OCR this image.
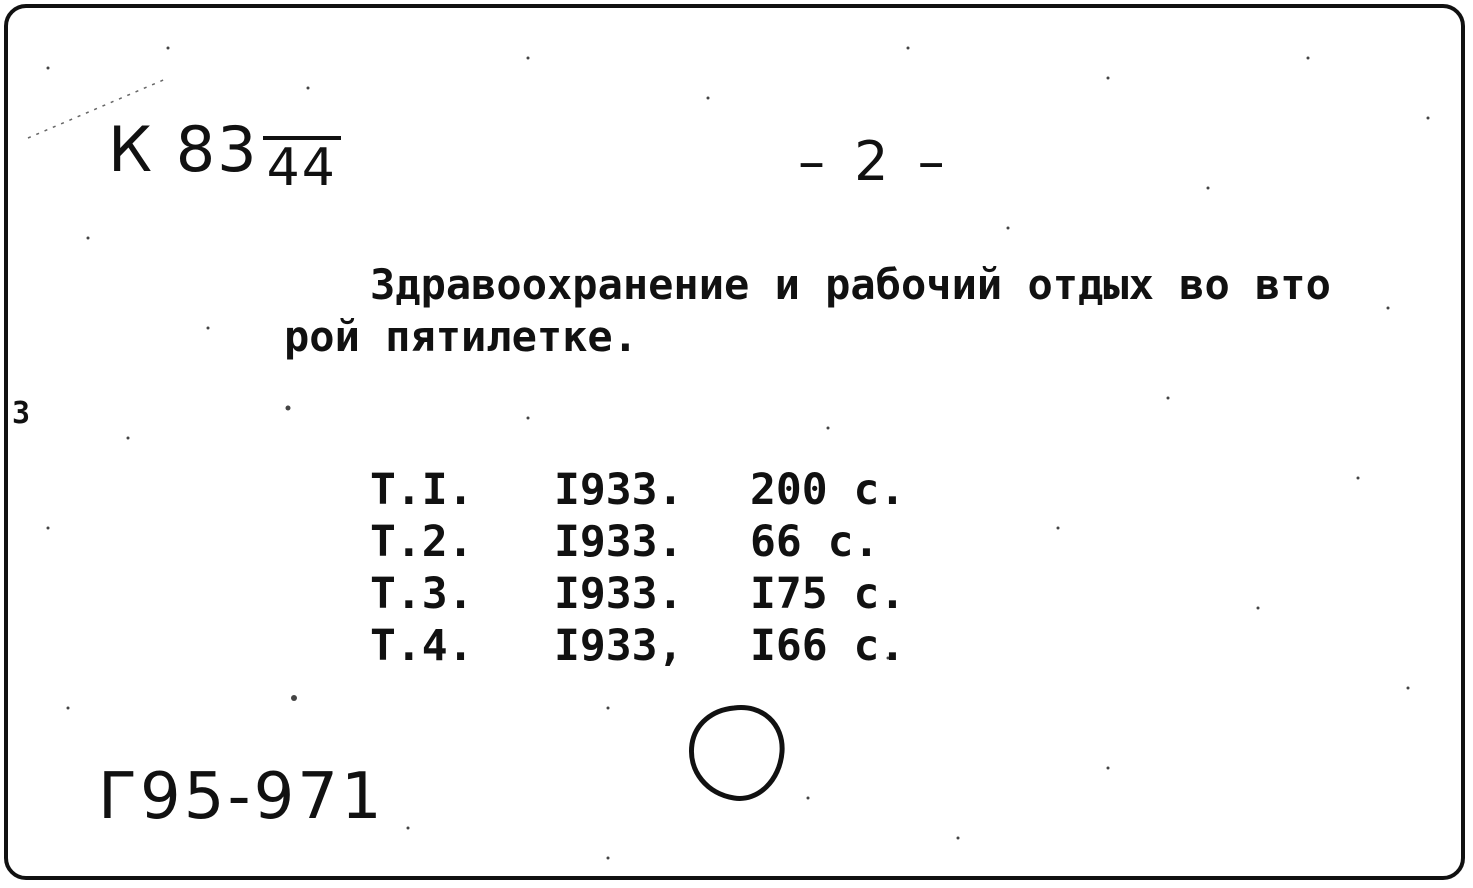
К 83 44	– 2 –
Здравоохранение и рабочий отдых во вто
рой пятилетке.
Т.I.	I933.	200 с.
Т.2.	I933.	66 с.
Т.3.	I933.	I75 с.
Т.4.	I933,	I66 с.
3
Г95-971
